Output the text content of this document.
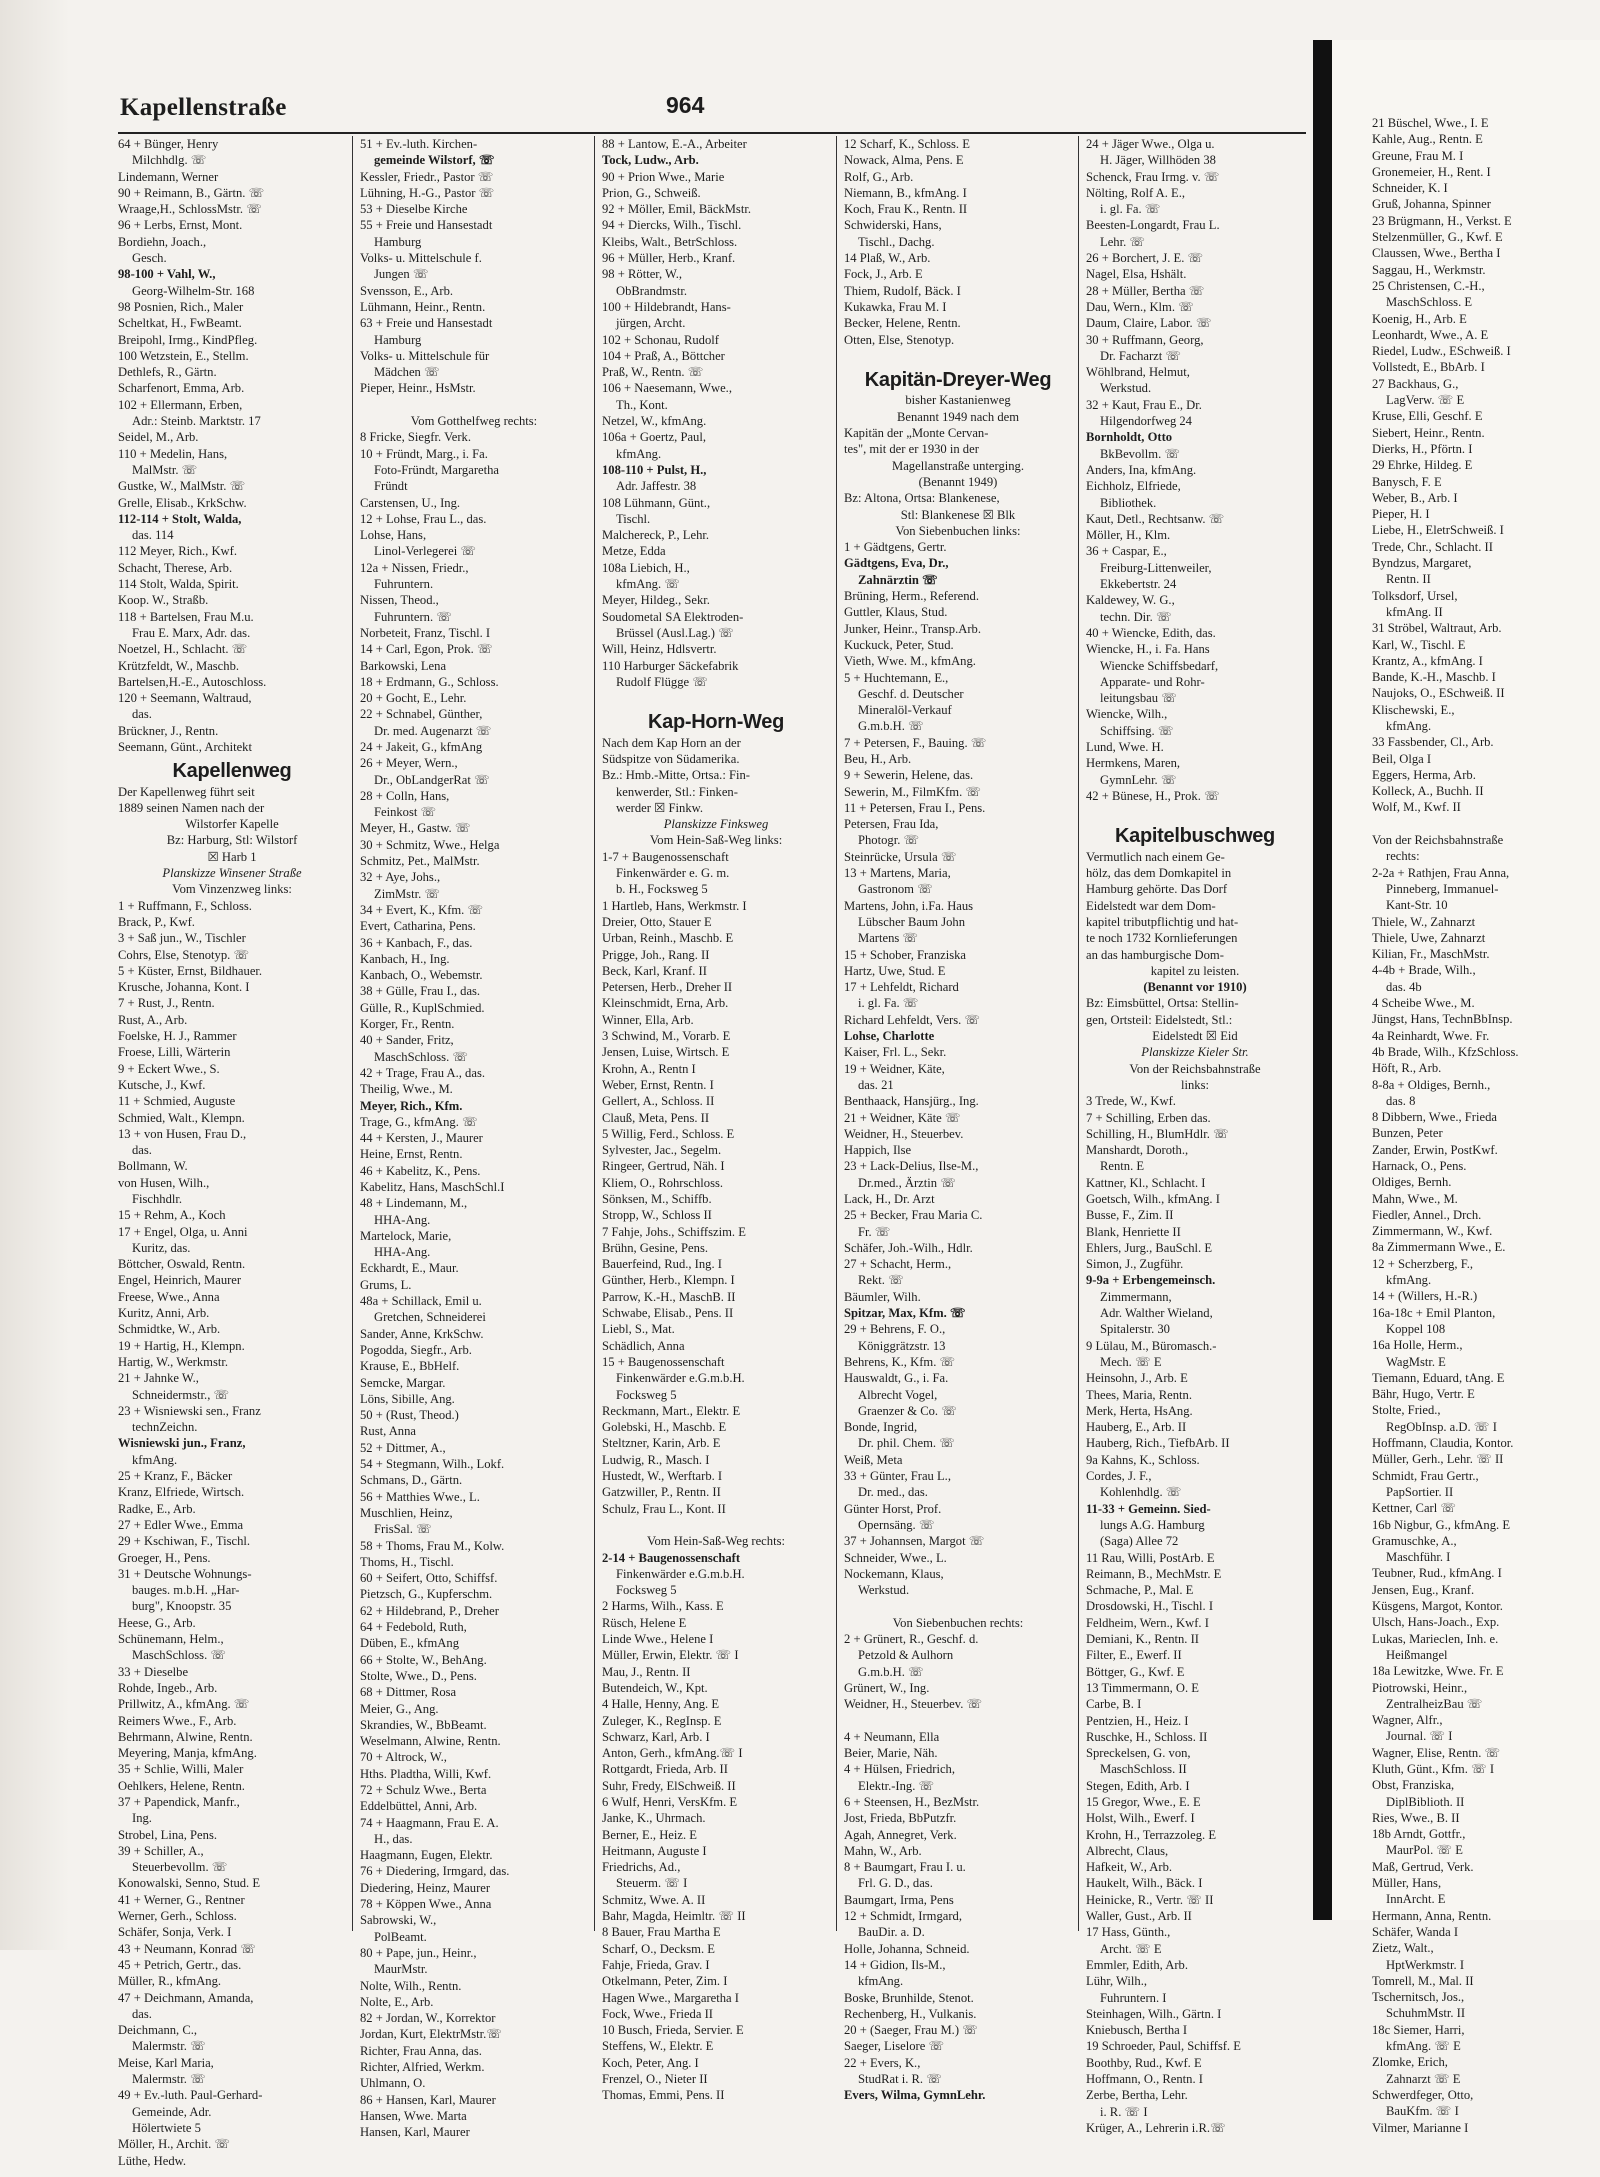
Kapellenstraße	964
64 + Bünger, Henry
Milchhdlg. ☏
Lindemann, Werner
90 + Reimann, B., Gärtn. ☏
Wraage,H., SchlossMstr. ☏
96 + Lerbs, Ernst, Mont.
Bordiehn, Joach.,
Gesch.
98-100 + Vahl, W.,
Georg-Wilhelm-Str. 168
98 Posnien, Rich., Maler
Scheltkat, H., FwBeamt.
Breipohl, Irmg., KindPfleg.
100 Wetzstein, E., Stellm.
Dethlefs, R., Gärtn.
Scharfenort, Emma, Arb.
102 + Ellermann, Erben,
Adr.: Steinb. Marktstr. 17
Seidel, M., Arb.
110 + Medelin, Hans,
MalMstr. ☏
Gustke, W., MalMstr. ☏
Grelle, Elisab., KrkSchw.
112-114 + Stolt, Walda,
das. 114
112 Meyer, Rich., Kwf.
Schacht, Therese, Arb.
114 Stolt, Walda, Spirit.
Koop. W., Straßb.
118 + Bartelsen, Frau M.u.
Frau E. Marx, Adr. das.
Noetzel, H., Schlacht. ☏
Krützfeldt, W., Maschb.
Bartelsen,H.-E., Autoschloss.
120 + Seemann, Waltraud,
das.
Brückner, J., Rentn.
Seemann, Günt., Architekt
Kapellenweg
Der Kapellenweg führt seit
1889 seinen Namen nach der
Wilstorfer Kapelle
Bz: Harburg, Stl: Wilstorf
☒ Harb 1
Planskizze Winsener Straße
Vom Vinzenzweg links:
1 + Ruffmann, F., Schloss.
Brack, P., Kwf.
3 + Saß jun., W., Tischler
Cohrs, Else, Stenotyp. ☏
5 + Küster, Ernst, Bildhauer.
Krusche, Johanna, Kont. I
7 + Rust, J., Rentn.
Rust, A., Arb.
Foelske, H. J., Rammer
Froese, Lilli, Wärterin
9 + Eckert Wwe., S.
Kutsche, J., Kwf.
11 + Schmied, Auguste
Schmied, Walt., Klempn.
13 + von Husen, Frau D.,
das.
Bollmann, W.
von Husen, Wilh.,
Fischhdlr.
15 + Rehm, A., Koch
17 + Engel, Olga, u. Anni
Kuritz, das.
Böttcher, Oswald, Rentn.
Engel, Heinrich, Maurer
Freese, Wwe., Anna
Kuritz, Anni, Arb.
Schmidtke, W., Arb.
19 + Hartig, H., Klempn.
Hartig, W., Werkmstr.
21 + Jahnke W.,
Schneidermstr., ☏
23 + Wisniewski sen., Franz
technZeichn.
Wisniewski jun., Franz,
kfmAng.
25 + Kranz, F., Bäcker
Kranz, Elfriede, Wirtsch.
Radke, E., Arb.
27 + Edler Wwe., Emma
29 + Kschiwan, F., Tischl.
Groeger, H., Pens.
31 + Deutsche Wohnungs-
bauges. m.b.H. „Har-
burg", Knoopstr. 35
Heese, G., Arb.
Schünemann, Helm.,
MaschSchloss. ☏
33 + Dieselbe
Rohde, Ingeb., Arb.
Prillwitz, A., kfmAng. ☏
Reimers Wwe., F., Arb.
Behrmann, Alwine, Rentn.
Meyering, Manja, kfmAng.
35 + Schlie, Willi, Maler
Oehlkers, Helene, Rentn.
37 + Papendick, Manfr.,
Ing.
Strobel, Lina, Pens.
39 + Schiller, A.,
Steuerbevollm. ☏
Konowalski, Senno, Stud. E
41 + Werner, G., Rentner
Werner, Gerh., Schloss.
Schäfer, Sonja, Verk. I
43 + Neumann, Konrad ☏
45 + Petrich, Gertr., das.
Müller, R., kfmAng.
47 + Deichmann, Amanda,
das.
Deichmann, C.,
Malermstr. ☏
Meise, Karl Maria,
Malermstr. ☏
49 + Ev.-luth. Paul-Gerhard-
Gemeinde, Adr.
Hölertwiete 5
Möller, H., Archit. ☏
Lüthe, Hedw.
51 + Ev.-luth. Kirchen-
gemeinde Wilstorf, ☏
Kessler, Friedr., Pastor ☏
Lühning, H.-G., Pastor ☏
53 + Dieselbe Kirche
55 + Freie und Hansestadt
Hamburg
Volks- u. Mittelschule f.
Jungen ☏
Svensson, E., Arb.
Lühmann, Heinr., Rentn.
63 + Freie und Hansestadt
Hamburg
Volks- u. Mittelschule für
Mädchen ☏
Pieper, Heinr., HsMstr.

Vom Gotthelfweg rechts:
8 Fricke, Siegfr. Verk.
10 + Fründt, Marg., i. Fa.
Foto-Fründt, Margaretha
Fründt
Carstensen, U., Ing.
12 + Lohse, Frau L., das.
Lohse, Hans,
Linol-Verlegerei ☏
12a + Nissen, Friedr.,
Fuhruntern.
Nissen, Theod.,
Fuhruntern. ☏
Norbeteit, Franz, Tischl. I
14 + Carl, Egon, Prok. ☏
Barkowski, Lena
18 + Erdmann, G., Schloss.
20 + Gocht, E., Lehr.
22 + Schnabel, Günther,
Dr. med. Augenarzt ☏
24 + Jakeit, G., kfmAng
26 + Meyer, Wern.,
Dr., ObLandgerRat ☏
28 + Colln, Hans,
Feinkost ☏
Meyer, H., Gastw. ☏
30 + Schmitz, Wwe., Helga
Schmitz, Pet., MalMstr.
32 + Aye, Johs.,
ZimMstr. ☏
34 + Evert, K., Kfm. ☏
Evert, Catharina, Pens.
36 + Kanbach, F., das.
Kanbach, H., Ing.
Kanbach, O., Webemstr.
38 + Gülle, Frau I., das.
Gülle, R., KuplSchmied.
Korger, Fr., Rentn.
40 + Sander, Fritz,
MaschSchloss. ☏
42 + Trage, Frau A., das.
Theilig, Wwe., M.
Meyer, Rich., Kfm.
Trage, G., kfmAng. ☏
44 + Kersten, J., Maurer
Heine, Ernst, Rentn.
46 + Kabelitz, K., Pens.
Kabelitz, Hans, MaschSchl.I
48 + Lindemann, M.,
HHA-Ang.
Martelock, Marie,
HHA-Ang.
Eckhardt, E., Maur.
Grums, L.
48a + Schillack, Emil u.
Gretchen, Schneiderei
Sander, Anne, KrkSchw.
Pogodda, Siegfr., Arb.
Krause, E., BbHelf.
Semcke, Margar.
Löns, Sibille, Ang.
50 + (Rust, Theod.)
Rust, Anna
52 + Dittmer, A.,
54 + Stegmann, Wilh., Lokf.
Schmans, D., Gärtn.
56 + Matthies Wwe., L.
Muschlien, Heinz,
FrisSal. ☏
58 + Thoms, Frau M., Kolw.
Thoms, H., Tischl.
60 + Seifert, Otto, Schiffsf.
Pietzsch, G., Kupferschm.
62 + Hildebrand, P., Dreher
64 + Fedebold, Ruth,
Düben, E., kfmAng
66 + Stolte, W., BehAng.
Stolte, Wwe., D., Pens.
68 + Dittmer, Rosa
Meier, G., Ang.
Skrandies, W., BbBeamt.
Weselmann, Alwine, Rentn.
70 + Altrock, W.,
Hths. Pladtha, Willi, Kwf.
72 + Schulz Wwe., Berta
Eddelbüttel, Anni, Arb.
74 + Haagmann, Frau E. A.
H., das.
Haagmann, Eugen, Elektr.
76 + Diedering, Irmgard, das.
Diedering, Heinz, Maurer
78 + Köppen Wwe., Anna
Sabrowski, W.,
PolBeamt.
80 + Pape, jun., Heinr.,
MaurMstr.
Nolte, Wilh., Rentn.
Nolte, E., Arb.
82 + Jordan, W., Korrektor
Jordan, Kurt, ElektrMstr.☏
Richter, Frau Anna, das.
Richter, Alfried, Werkm.
Uhlmann, O.
86 + Hansen, Karl, Maurer
Hansen, Wwe. Marta
Hansen, Karl, Maurer
88 + Lantow, E.-A., Arbeiter
Tock, Ludw., Arb.
90 + Prion Wwe., Marie
Prion, G., Schweiß.
92 + Möller, Emil, BäckMstr.
94 + Diercks, Wilh., Tischl.
Kleibs, Walt., BetrSchloss.
96 + Müller, Herb., Kranf.
98 + Rötter, W.,
ObBrandmstr.
100 + Hildebrandt, Hans-
jürgen, Archt.
102 + Schonau, Rudolf
104 + Praß, A., Böttcher
Praß, W., Rentn. ☏
106 + Naesemann, Wwe.,
Th., Kont.
Netzel, W., kfmAng.
106a + Goertz, Paul,
kfmAng.
108-110 + Pulst, H.,
Adr. Jaffestr. 38
108 Lühmann, Günt.,
Tischl.
Malchereck, P., Lehr.
Metze, Edda
108a Liebich, H.,
kfmAng. ☏
Meyer, Hildeg., Sekr.
Soudometal SA Elektroden-
Brüssel (Ausl.Lag.) ☏
Will, Heinz, Hdlsvertr.
110 Harburger Säckefabrik
Rudolf Flügge ☏

Kap-Horn-Weg
Nach dem Kap Horn an der
Südspitze von Südamerika.
Bz.: Hmb.-Mitte, Ortsa.: Fin-
kenwerder, Stl.: Finken-
werder ☒ Finkw.
Planskizze Finksweg
Vom Hein-Saß-Weg links:
1-7 + Baugenossenschaft
Finkenwärder e. G. m.
b. H., Focksweg 5
1 Hartleb, Hans, Werkmstr. I
Dreier, Otto, Stauer E
Urban, Reinh., Maschb. E
Prigge, Joh., Rang. II
Beck, Karl, Kranf. II
Petersen, Herb., Dreher II
Kleinschmidt, Erna, Arb.
Winner, Ella, Arb.
3 Schwind, M., Vorarb. E
Jensen, Luise, Wirtsch. E
Krohn, A., Rentn I
Weber, Ernst, Rentn. I
Gellert, A., Schloss. II
Clauß, Meta, Pens. II
5 Willig, Ferd., Schloss. E
Sylvester, Jac., Segelm.
Ringeer, Gertrud, Näh. I
Kliem, O., Rohrschloss.
Sönksen, M., Schiffb.
Stropp, W., Schloss II
7 Fahje, Johs., Schiffszim. E
Brühn, Gesine, Pens.
Bauerfeind, Rud., Ing. I
Günther, Herb., Klempn. I
Parrow, K.-H., MaschB. II
Schwabe, Elisab., Pens. II
Liebl, S., Mat.
Schädlich, Anna
15 + Baugenossenschaft
Finkenwärder e.G.m.b.H.
Focksweg 5
Reckmann, Mart., Elektr. E
Golebski, H., Maschb. E
Steltzner, Karin, Arb. E
Ludwig, R., Masch. I
Hustedt, W., Werftarb. I
Gatzwiller, P., Rentn. II
Schulz, Frau L., Kont. II

Vom Hein-Saß-Weg rechts:
2-14 + Baugenossenschaft
Finkenwärder e.G.m.b.H.
Focksweg 5
2 Harms, Wilh., Kass. E
Rüsch, Helene E
Linde Wwe., Helene I
Müller, Erwin, Elektr. ☏ I
Mau, J., Rentn. II
Butendeich, W., Kpt.
4 Halle, Henny, Ang. E
Zuleger, K., RegInsp. E
Schwarz, Karl, Arb. I
Anton, Gerh., kfmAng.☏ I
Rottgardt, Frieda, Arb. II
Suhr, Fredy, ElSchweiß. II
6 Wulf, Henri, VersKfm. E
Janke, K., Uhrmach.
Berner, E., Heiz. E
Heitmann, Auguste I
Friedrichs, Ad.,
Steuerm. ☏ I
Schmitz, Wwe. A. II
Bahr, Magda, Heimltr. ☏ II
8 Bauer, Frau Martha E
Scharf, O., Decksm. E
Fahje, Frieda, Grav. I
Otkelmann, Peter, Zim. I
Hagen Wwe., Margaretha I
Fock, Wwe., Frieda II
10 Busch, Frieda, Servier. E
Steffens, W., Elektr. E
Koch, Peter, Ang. I
Frenzel, O., Nieter II
Thomas, Emmi, Pens. II
12 Scharf, K., Schloss. E
Nowack, Alma, Pens. E
Rolf, G., Arb.
Niemann, B., kfmAng. I
Koch, Frau K., Rentn. II
Schwiderski, Hans,
Tischl., Dachg.
14 Plaß, W., Arb.
Fock, J., Arb. E
Thiem, Rudolf, Bäck. I
Kukawka, Frau M. I
Becker, Helene, Rentn.
Otten, Else, Stenotyp.

Kapitän-Dreyer-Weg
bisher Kastanienweg
Benannt 1949 nach dem
Kapitän der „Monte Cervan-
tes", mit der er 1930 in der
Magellanstraße unterging.
(Benannt 1949)
Bz: Altona, Ortsa: Blankenese,
Stl: Blankenese ☒ Blk
Von Siebenbuchen links:
1 + Gädtgens, Gertr.
Gädtgens, Eva, Dr.,
Zahnärztin ☏
Brüning, Herm., Referend.
Guttler, Klaus, Stud.
Junker, Heinr., Transp.Arb.
Kuckuck, Peter, Stud.
Vieth, Wwe. M., kfmAng.
5 + Huchtemann, E.,
Geschf. d. Deutscher
Mineralöl-Verkauf
G.m.b.H. ☏
7 + Petersen, F., Bauing. ☏
Beu, H., Arb.
9 + Sewerin, Helene, das.
Sewerin, M., FilmKfm. ☏
11 + Petersen, Frau I., Pens.
Petersen, Frau Ida,
Photogr. ☏
Steinrücke, Ursula ☏
13 + Martens, Maria,
Gastronom ☏
Martens, John, i.Fa. Haus
Lübscher Baum John
Martens ☏
15 + Schober, Franziska
Hartz, Uwe, Stud. E
17 + Lehfeldt, Richard
i. gl. Fa. ☏
Richard Lehfeldt, Vers. ☏
Lohse, Charlotte
Kaiser, Frl. L., Sekr.
19 + Weidner, Käte,
das. 21
Benthaack, Hansjürg., Ing.
21 + Weidner, Käte ☏
Weidner, H., Steuerbev.
Happich, Ilse
23 + Lack-Delius, Ilse-M.,
Dr.med., Ärztin ☏
Lack, H., Dr. Arzt
25 + Becker, Frau Maria C.
Fr. ☏
Schäfer, Joh.-Wilh., Hdlr.
27 + Schacht, Herm.,
Rekt. ☏
Bäumler, Wilh.
Spitzar, Max, Kfm. ☏
29 + Behrens, F. O.,
Königgrätzstr. 13
Behrens, K., Kfm. ☏
Hauswaldt, G., i. Fa.
Albrecht Vogel,
Graenzer & Co. ☏
Bonde, Ingrid,
Dr. phil. Chem. ☏
Weiß, Meta
33 + Günter, Frau L.,
Dr. med., das.
Günter Horst, Prof.
Opernsäng. ☏
37 + Johannsen, Margot ☏
Schneider, Wwe., L.
Nockemann, Klaus,
Werkstud.

Von Siebenbuchen rechts:
2 + Grünert, R., Geschf. d.
Petzold & Aulhorn
G.m.b.H. ☏
Grünert, W., Ing.
Weidner, H., Steuerbev. ☏

4 + Neumann, Ella
Beier, Marie, Näh.
4 + Hülsen, Friedrich,
Elektr.-Ing. ☏
6 + Steensen, H., BezMstr.
Jost, Frieda, BbPutzfr.
Agah, Annegret, Verk.
Mahn, W., Arb.
8 + Baumgart, Frau I. u.
Frl. G. D., das.
Baumgart, Irma, Pens
12 + Schmidt, Irmgard,
BauDir. a. D.
Holle, Johanna, Schneid.
14 + Gidion, Ils-M.,
kfmAng.
Boske, Brunhilde, Stenot.
Rechenberg, H., Vulkanis.
20 + (Saeger, Frau M.) ☏
Saeger, Liselore ☏
22 + Evers, K.,
StudRat i. R. ☏
Evers, Wilma, GymnLehr.
24 + Jäger Wwe., Olga u.
H. Jäger, Willhöden 38
Schenck, Frau Irmg. v. ☏
Nölting, Rolf A. E.,
i. gl. Fa. ☏
Beesten-Longardt, Frau L.
Lehr. ☏
26 + Borchert, J. E. ☏
Nagel, Elsa, Hshält.
28 + Müller, Bertha ☏
Dau, Wern., Klm. ☏
Daum, Claire, Labor. ☏
30 + Ruffmann, Georg,
Dr. Facharzt ☏
Wöhlbrand, Helmut,
Werkstud.
32 + Kaut, Frau E., Dr.
Hilgendorfweg 24
Bornholdt, Otto
BkBevollm. ☏
Anders, Ina, kfmAng.
Eichholz, Elfriede,
Bibliothek.
Kaut, Detl., Rechtsanw. ☏
Möller, H., Klm.
36 + Caspar, E.,
Freiburg-Littenweiler,
Ekkebertstr. 24
Kaldewey, W. G.,
techn. Dir. ☏
40 + Wiencke, Edith, das.
Wiencke, H., i. Fa. Hans
Wiencke Schiffsbedarf,
Apparate- und Rohr-
leitungsbau ☏
Wiencke, Wilh.,
Schiffsing. ☏
Lund, Wwe. H.
Hermkens, Maren,
GymnLehr. ☏
42 + Bünese, H., Prok. ☏

Kapitelbuschweg
Vermutlich nach einem Ge-
hölz, das dem Domkapitel in
Hamburg gehörte. Das Dorf
Eidelstedt war dem Dom-
kapitel tributpflichtig und hat-
te noch 1732 Kornlieferungen
an das hamburgische Dom-
kapitel zu leisten.
(Benannt vor 1910)
Bz: Eimsbüttel, Ortsa: Stellin-
gen, Ortsteil: Eidelstedt, Stl.:
Eidelstedt ☒ Eid
Planskizze Kieler Str.
Von der Reichsbahnstraße
links:
3 Trede, W., Kwf.
7 + Schilling, Erben das.
Schilling, H., BlumHdlr. ☏
Manshardt, Doroth.,
Rentn. E
Kattner, Kl., Schlacht. I
Goetsch, Wilh., kfmAng. I
Busse, F., Zim. II
Blank, Henriette II
Ehlers, Jurg., BauSchl. E
Simon, J., Zugführ.
9-9a + Erbengemeinsch.
Zimmermann,
Adr. Walther Wieland,
Spitalerstr. 30
9 Lülau, M., Büromasch.-
Mech. ☏ E
Heinsohn, J., Arb. E
Thees, Maria, Rentn.
Merk, Herta, HsAng.
Hauberg, E., Arb. II
Hauberg, Rich., TiefbArb. II
9a Kahns, K., Schloss.
Cordes, J. F.,
Kohlenhdlg. ☏
11-33 + Gemeinn. Sied-
lungs A.G. Hamburg
(Saga) Allee 72
11 Rau, Willi, PostArb. E
Reimann, B., MechMstr. E
Schmache, P., Mal. E
Drosdowski, H., Tischl. I
Feldheim, Wern., Kwf. I
Demiani, K., Rentn. II
Filter, E., Ewerf. II
Böttger, G., Kwf. E
13 Timmermann, O. E
Carbe, B. I
Pentzien, H., Heiz. I
Ruschke, H., Schloss. II
Spreckelsen, G. von,
MaschSchloss. II
Stegen, Edith, Arb. I
15 Gregor, Wwe., E. E
Holst, Wilh., Ewerf. I
Krohn, H., Terrazzoleg. E
Albrecht, Claus,
Hafkeit, W., Arb.
Haukelt, Wilh., Bäck. I
Heinicke, R., Vertr. ☏ II
Waller, Gust., Arb. II
17 Hass, Günth.,
Archt. ☏ E
Emmler, Edith, Arb.
Lühr, Wilh.,
Fuhruntern. I
Steinhagen, Wilh., Gärtn. I
Kniebusch, Bertha I
19 Schroeder, Paul, Schiffsf. E
Boothby, Rud., Kwf. E
Hoffmann, O., Rentn. I
Zerbe, Bertha, Lehr.
i. R. ☏ I
Krüger, A., Lehrerin i.R.☏
21 Büschel, Wwe., I. E
Kahle, Aug., Rentn. E
Greune, Frau M. I
Gronemeier, H., Rent. I
Schneider, K. I
Gruß, Johanna, Spinner
23 Brügmann, H., Verkst. E
Stelzenmüller, G., Kwf. E
Claussen, Wwe., Bertha I
Saggau, H., Werkmstr.
25 Christensen, C.-H.,
MaschSchloss. E
Koenig, H., Arb. E
Leonhardt, Wwe., A. E
Riedel, Ludw., ESchweiß. I
Vollstedt, E., BbArb. I
27 Backhaus, G.,
LagVerw. ☏ E
Kruse, Elli, Geschf. E
Siebert, Heinr., Rentn.
Dierks, H., Pförtn. I
29 Ehrke, Hildeg. E
Banysch, F. E
Weber, B., Arb. I
Pieper, H. I
Liebe, H., EletrSchweiß. I
Trede, Chr., Schlacht. II
Byndzus, Margaret,
Rentn. II
Tolksdorf, Ursel,
kfmAng. II
31 Ströbel, Waltraut, Arb.
Karl, W., Tischl. E
Krantz, A., kfmAng. I
Bande, K.-H., Maschb. I
Naujoks, O., ESchweiß. II
Klischewski, E.,
kfmAng.
33 Fassbender, Cl., Arb.
Beil, Olga I
Eggers, Herma, Arb.
Kolleck, A., Buchh. II
Wolf, M., Kwf. II

Von der Reichsbahnstraße
rechts:
2-2a + Rathjen, Frau Anna,
Pinneberg, Immanuel-
Kant-Str. 10
Thiele, W., Zahnarzt
Thiele, Uwe, Zahnarzt
Kilian, Fr., MaschMstr.
4-4b + Brade, Wilh.,
das. 4b
4 Scheibe Wwe., M.
Jüngst, Hans, TechnBbInsp.
4a Reinhardt, Wwe. Fr.
4b Brade, Wilh., KfzSchloss.
Höft, R., Arb.
8-8a + Oldiges, Bernh.,
das. 8
8 Dibbern, Wwe., Frieda
Bunzen, Peter
Zander, Erwin, PostKwf.
Harnack, O., Pens.
Oldiges, Bernh.
Mahn, Wwe., M.
Fiedler, Annel., Drch.
Zimmermann, W., Kwf.
8a Zimmermann Wwe., E.
12 + Scherzberg, F.,
kfmAng.
14 + (Willers, H.-R.)
16a-18c + Emil Planton,
Koppel 108
16a Holle, Herm.,
WagMstr. E
Tiemann, Eduard, tAng. E
Bähr, Hugo, Vertr. E
Stolte, Fried.,
RegObInsp. a.D. ☏ I
Hoffmann, Claudia, Kontor.
Müller, Gerh., Lehr. ☏ II
Schmidt, Frau Gertr.,
PapSortier. II
Kettner, Carl ☏
16b Nigbur, G., kfmAng. E
Gramuschke, A.,
Maschführ. I
Teubner, Rud., kfmAng. I
Jensen, Eug., Kranf.
Küsgens, Margot, Kontor.
Ulsch, Hans-Joach., Exp.
Lukas, Marieclen, Inh. e.
Heißmangel
18a Lewitzke, Wwe. Fr. E
Piotrowski, Heinr.,
ZentralheizBau ☏
Wagner, Alfr.,
Journal. ☏ I
Wagner, Elise, Rentn. ☏
Kluth, Günt., Kfm. ☏ I
Obst, Franziska,
DiplBiblioth. II
Ries, Wwe., B. II
18b Arndt, Gottfr.,
MaurPol. ☏ E
Maß, Gertrud, Verk.
Müller, Hans,
InnArcht. E
Hermann, Anna, Rentn.
Schäfer, Wanda I
Zietz, Walt.,
HptWerkmstr. I
Tomrell, M., Mal. II
Tschernitsch, Jos.,
SchuhmMstr. II
18c Siemer, Harri,
kfmAng. ☏ E
Zlomke, Erich,
Zahnarzt ☏ E
Schwerdfeger, Otto,
BauKfm. ☏ I
Vilmer, Marianne I
